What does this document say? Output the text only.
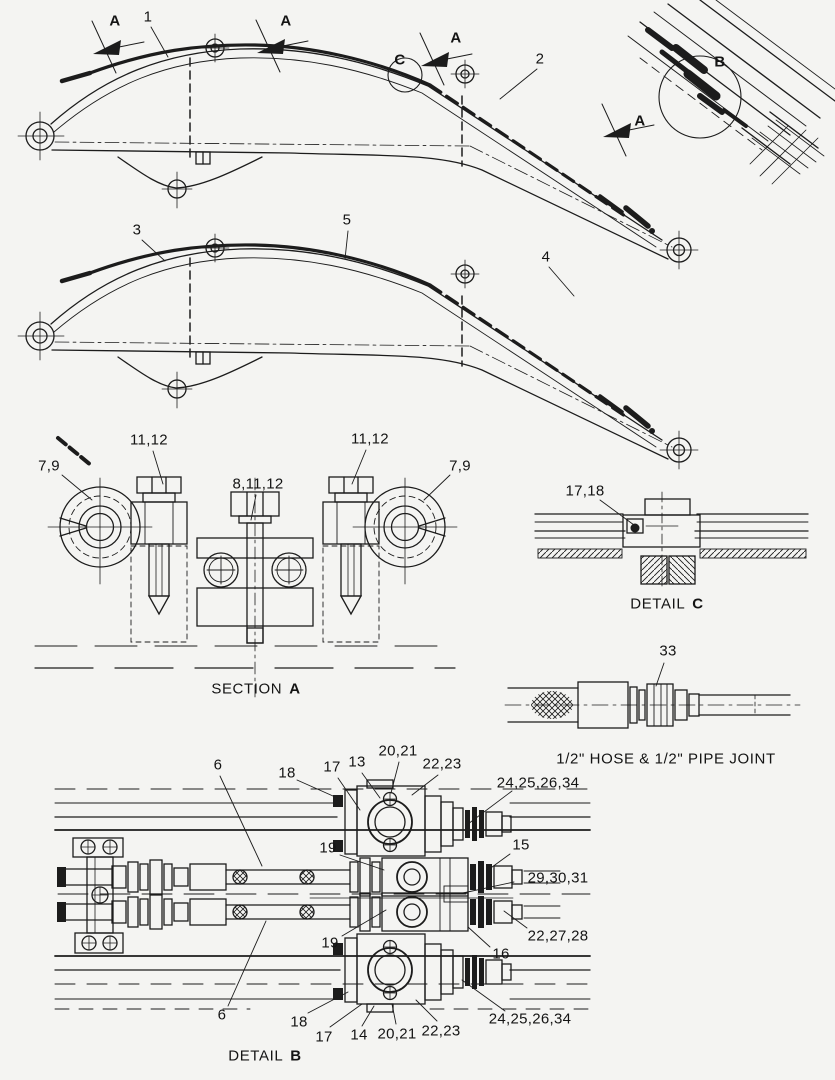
A 1	A
C
A
2	B
A
3
5
4
7,9
11,12
8,11,12
11,12
7,9
SECTION A
17,18
DETAIL C
33
1/2" HOSE & 1/2" PIPE JOINT
6	18 17 13
20,21
22,23
24,25,26,34
19	15
29,30,31
19	22,27,28
16
6	18
17 14 20,21 22,23
24,25,26,34
DETAIL B
